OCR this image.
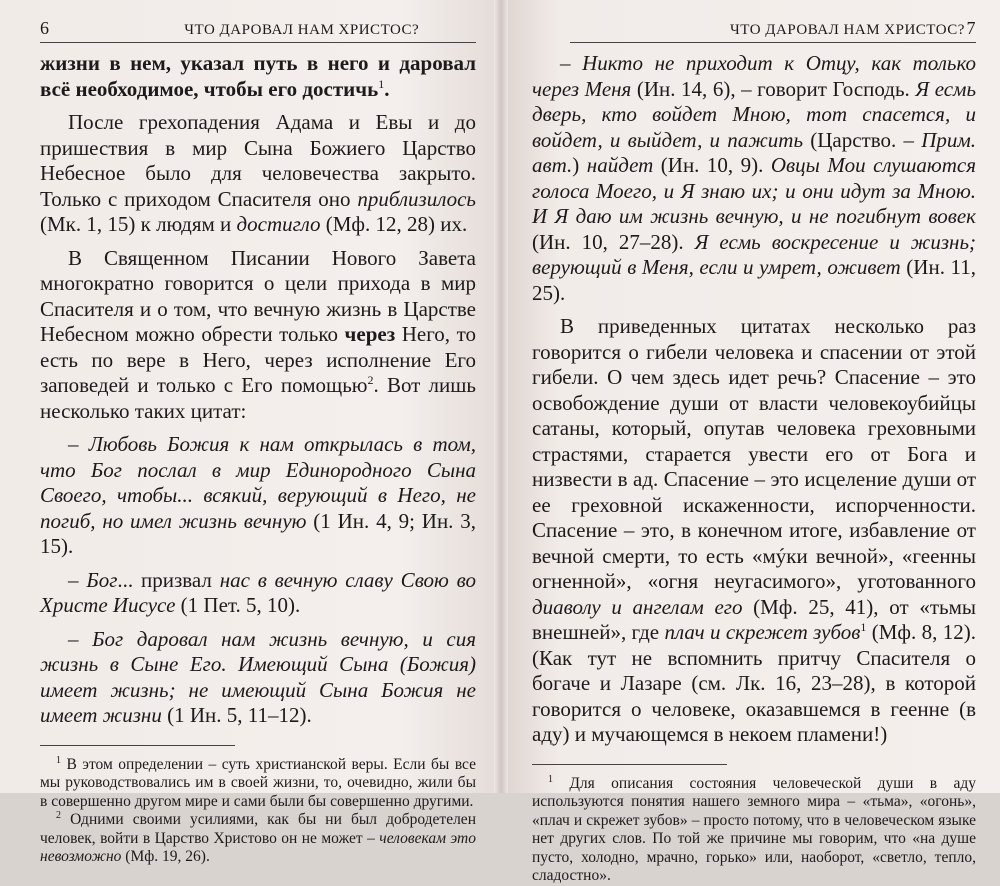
6	ЧТО ДАРОВАЛ НАМ ХРИСТОС?

жизни в нем, указал путь в него и даровал всё необходимое, чтобы его достичь$^1$.

После грехопадения Адама и Евы и до пришествия в мир Сына Божиего Царство Небесное было для человечества закрыто. Только с приходом Спасителя оно приблизилось (Мк. 1, 15) к людям и достигло (Мф. 12, 28) их.

В Священном Писании Нового Завета многократно говорится о цели прихода в мир Спасителя и о том, что вечную жизнь в Царстве Небесном можно обрести только через Него, то есть по вере в Него, через исполнение Его заповедей и только с Его помощью$^2$. Вот лишь несколько таких цитат:

– Любовь Божия к нам открылась в том, что Бог послал в мир Единородного Сына Своего, чтобы... всякий, верующий в Него, не погиб, но имел жизнь вечную (1 Ин. 4, 9; Ин. 3, 15).

– Бог... призвал нас в вечную славу Свою во Христе Иисусе (1 Пет. 5, 10).

– Бог даровал нам жизнь вечную, и сия жизнь в Сыне Его. Имеющий Сына (Божия) имеет жизнь; не имеющий Сына Божия не имеет жизни (1 Ин. 5, 11–12).

$^1$ В этом определении – суть христианской веры. Если бы все мы руководствовались им в своей жизни, то, очевидно, жили бы в совершенно другом мире и сами были бы совершенно другими.

$^2$ Одними своими усилиями, как бы ни был добродетелен человек, войти в Царство Христово он не может – человекам это невозможно (Мф. 19, 26).

ЧТО ДАРОВАЛ НАМ ХРИСТОС? 7

– Никто не приходит к Отцу, как только через Меня (Ин. 14, 6), – говорит Господь. Я есмь дверь, кто войдет Мною, тот спасется, и войдет, и выйдет, и пажить (Царство. – Прим. авт.) найдет (Ин. 10, 9). Овцы Мои слушаются голоса Моего, и Я знаю их; и они идут за Мною. И Я даю им жизнь вечную, и не погибнут вовек (Ин. 10, 27–28). Я есмь воскресение и жизнь; верующий в Меня, если и умрет, оживет (Ин. 11, 25).

В приведенных цитатах несколько раз говорится о гибели человека и спасении от этой гибели. О чем здесь идет речь? Спасение – это освобождение души от власти человекоубийцы сатаны, который, опутав человека греховными страстями, старается увести его от Бога и низвести в ад. Спасение – это исцеление души от ее греховной искаженности, испорченности. Спасение – это, в конечном итоге, избавление от вечной смерти, то есть «мýки вечной», «геенны огненной», «огня неугасимого», уготованного диаволу и ангелам его (Мф. 25, 41), от «тьмы внешней», где плач и скрежет зубов$^1$ (Мф. 8, 12). (Как тут не вспомнить притчу Спасителя о богаче и Лазаре (см. Лк. 16, 23–28), в которой говорится о человеке, оказавшемся в геенне (в аду) и мучающемся в некоем пламени!)

$^1$ Для описания состояния человеческой души в аду используются понятия нашего земного мира – «тьма», «огонь», «плач и скрежет зубов» – просто потому, что в человеческом языке нет других слов. По той же причине мы говорим, что «на душе пусто, холодно, мрачно, горько» или, наоборот, «светло, тепло, сладостно».
